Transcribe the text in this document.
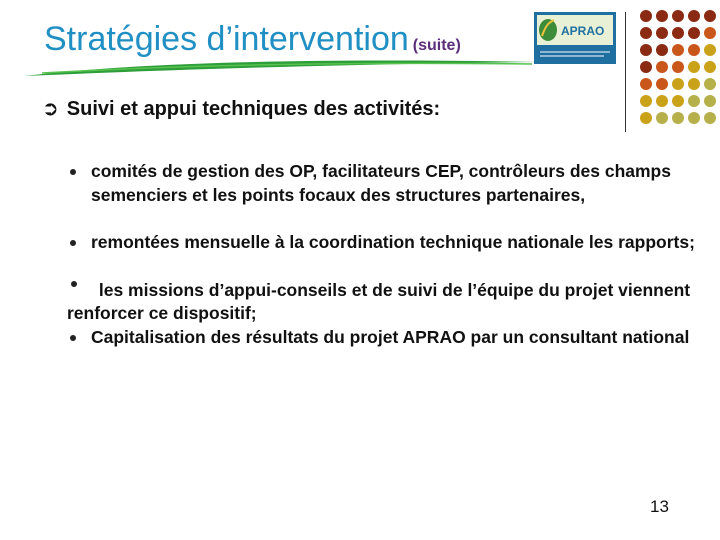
Stratégies d’intervention (suite)
APRAO
➲ Suivi et appui techniques des activités:
comités de gestion des OP, facilitateurs CEP, contrôleurs des champs semenciers et les points focaux des structures partenaires,
remontées mensuelle à la coordination technique nationale les rapports;
les missions d’appui-conseils et de suivi de l’équipe du projet viennent renforcer ce dispositif;
Capitalisation des résultats du projet APRAO par un consultant national
13
